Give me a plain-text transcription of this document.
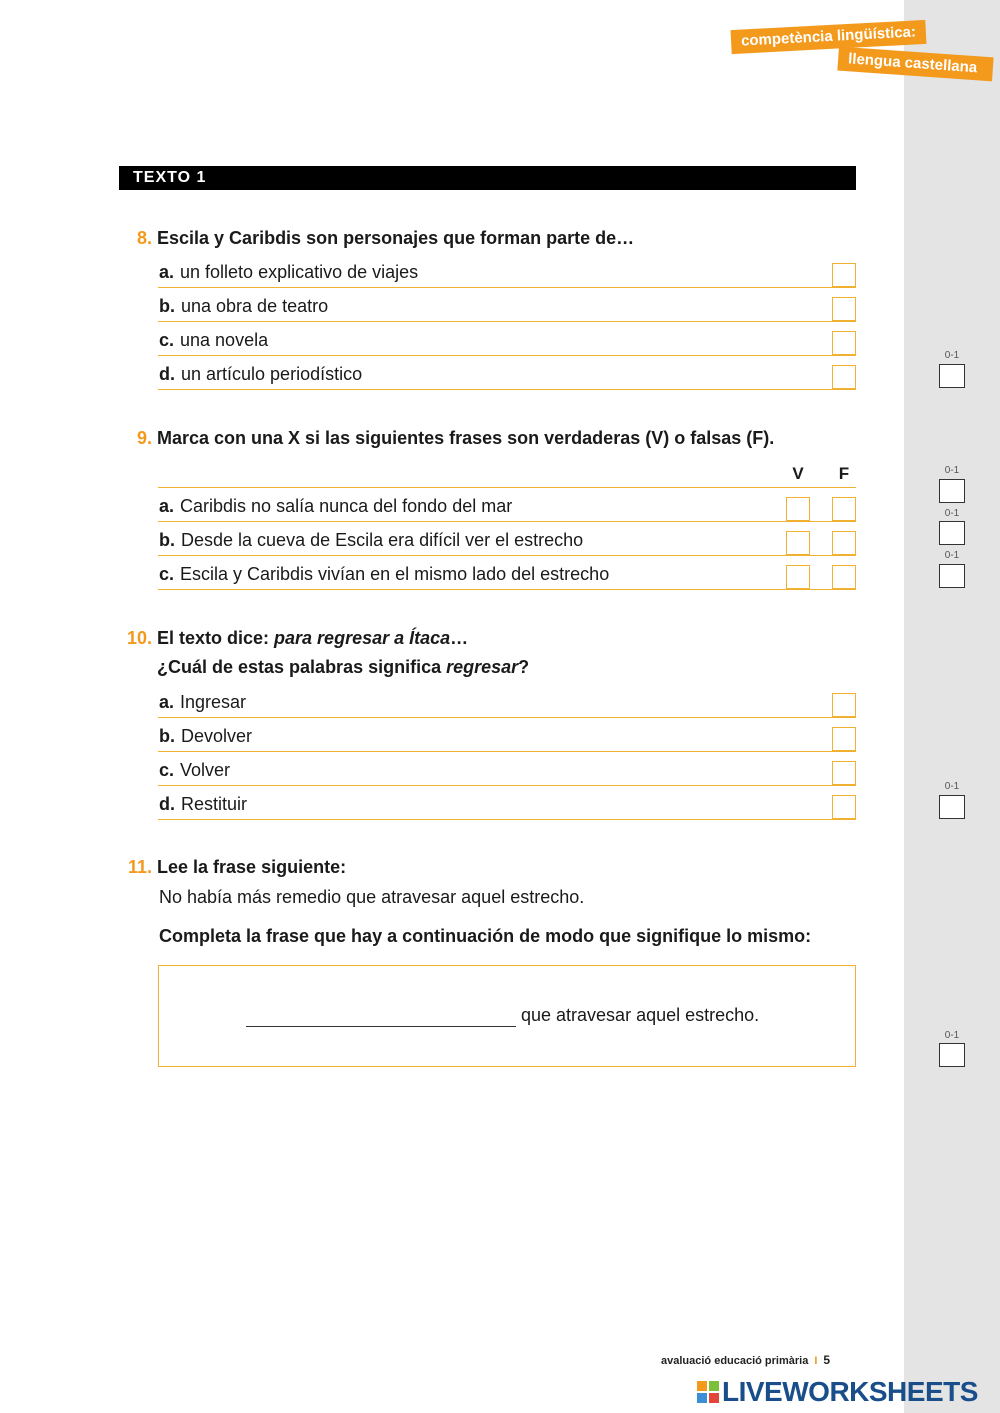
competència lingüística:
llengua castellana
TEXTO 1
8. Escila y Caribdis son personajes que forman parte de…
a. un folleto explicativo de viajes
b. una obra de teatro
c. una novela
d. un artículo periodístico
9. Marca con una X si las siguientes frases son verdaderas (V) o falsas (F).
V	F
a. Caribdis no salía nunca del fondo del mar
b. Desde la cueva de Escila era difícil ver el estrecho
c. Escila y Caribdis vivían en el mismo lado del estrecho
10. El texto dice: para regresar a Ítaca…
¿Cuál de estas palabras significa regresar?
a. Ingresar
b. Devolver
c. Volver
d. Restituir
11. Lee la frase siguiente:
No había más remedio que atravesar aquel estrecho.
Completa la frase que hay a continuación de modo que signifique lo mismo:
que atravesar aquel estrecho.
0-1
0-1
0-1
0-1
0-1
0-1
avaluació educació primària I 5
LIVEWORKSHEETS
